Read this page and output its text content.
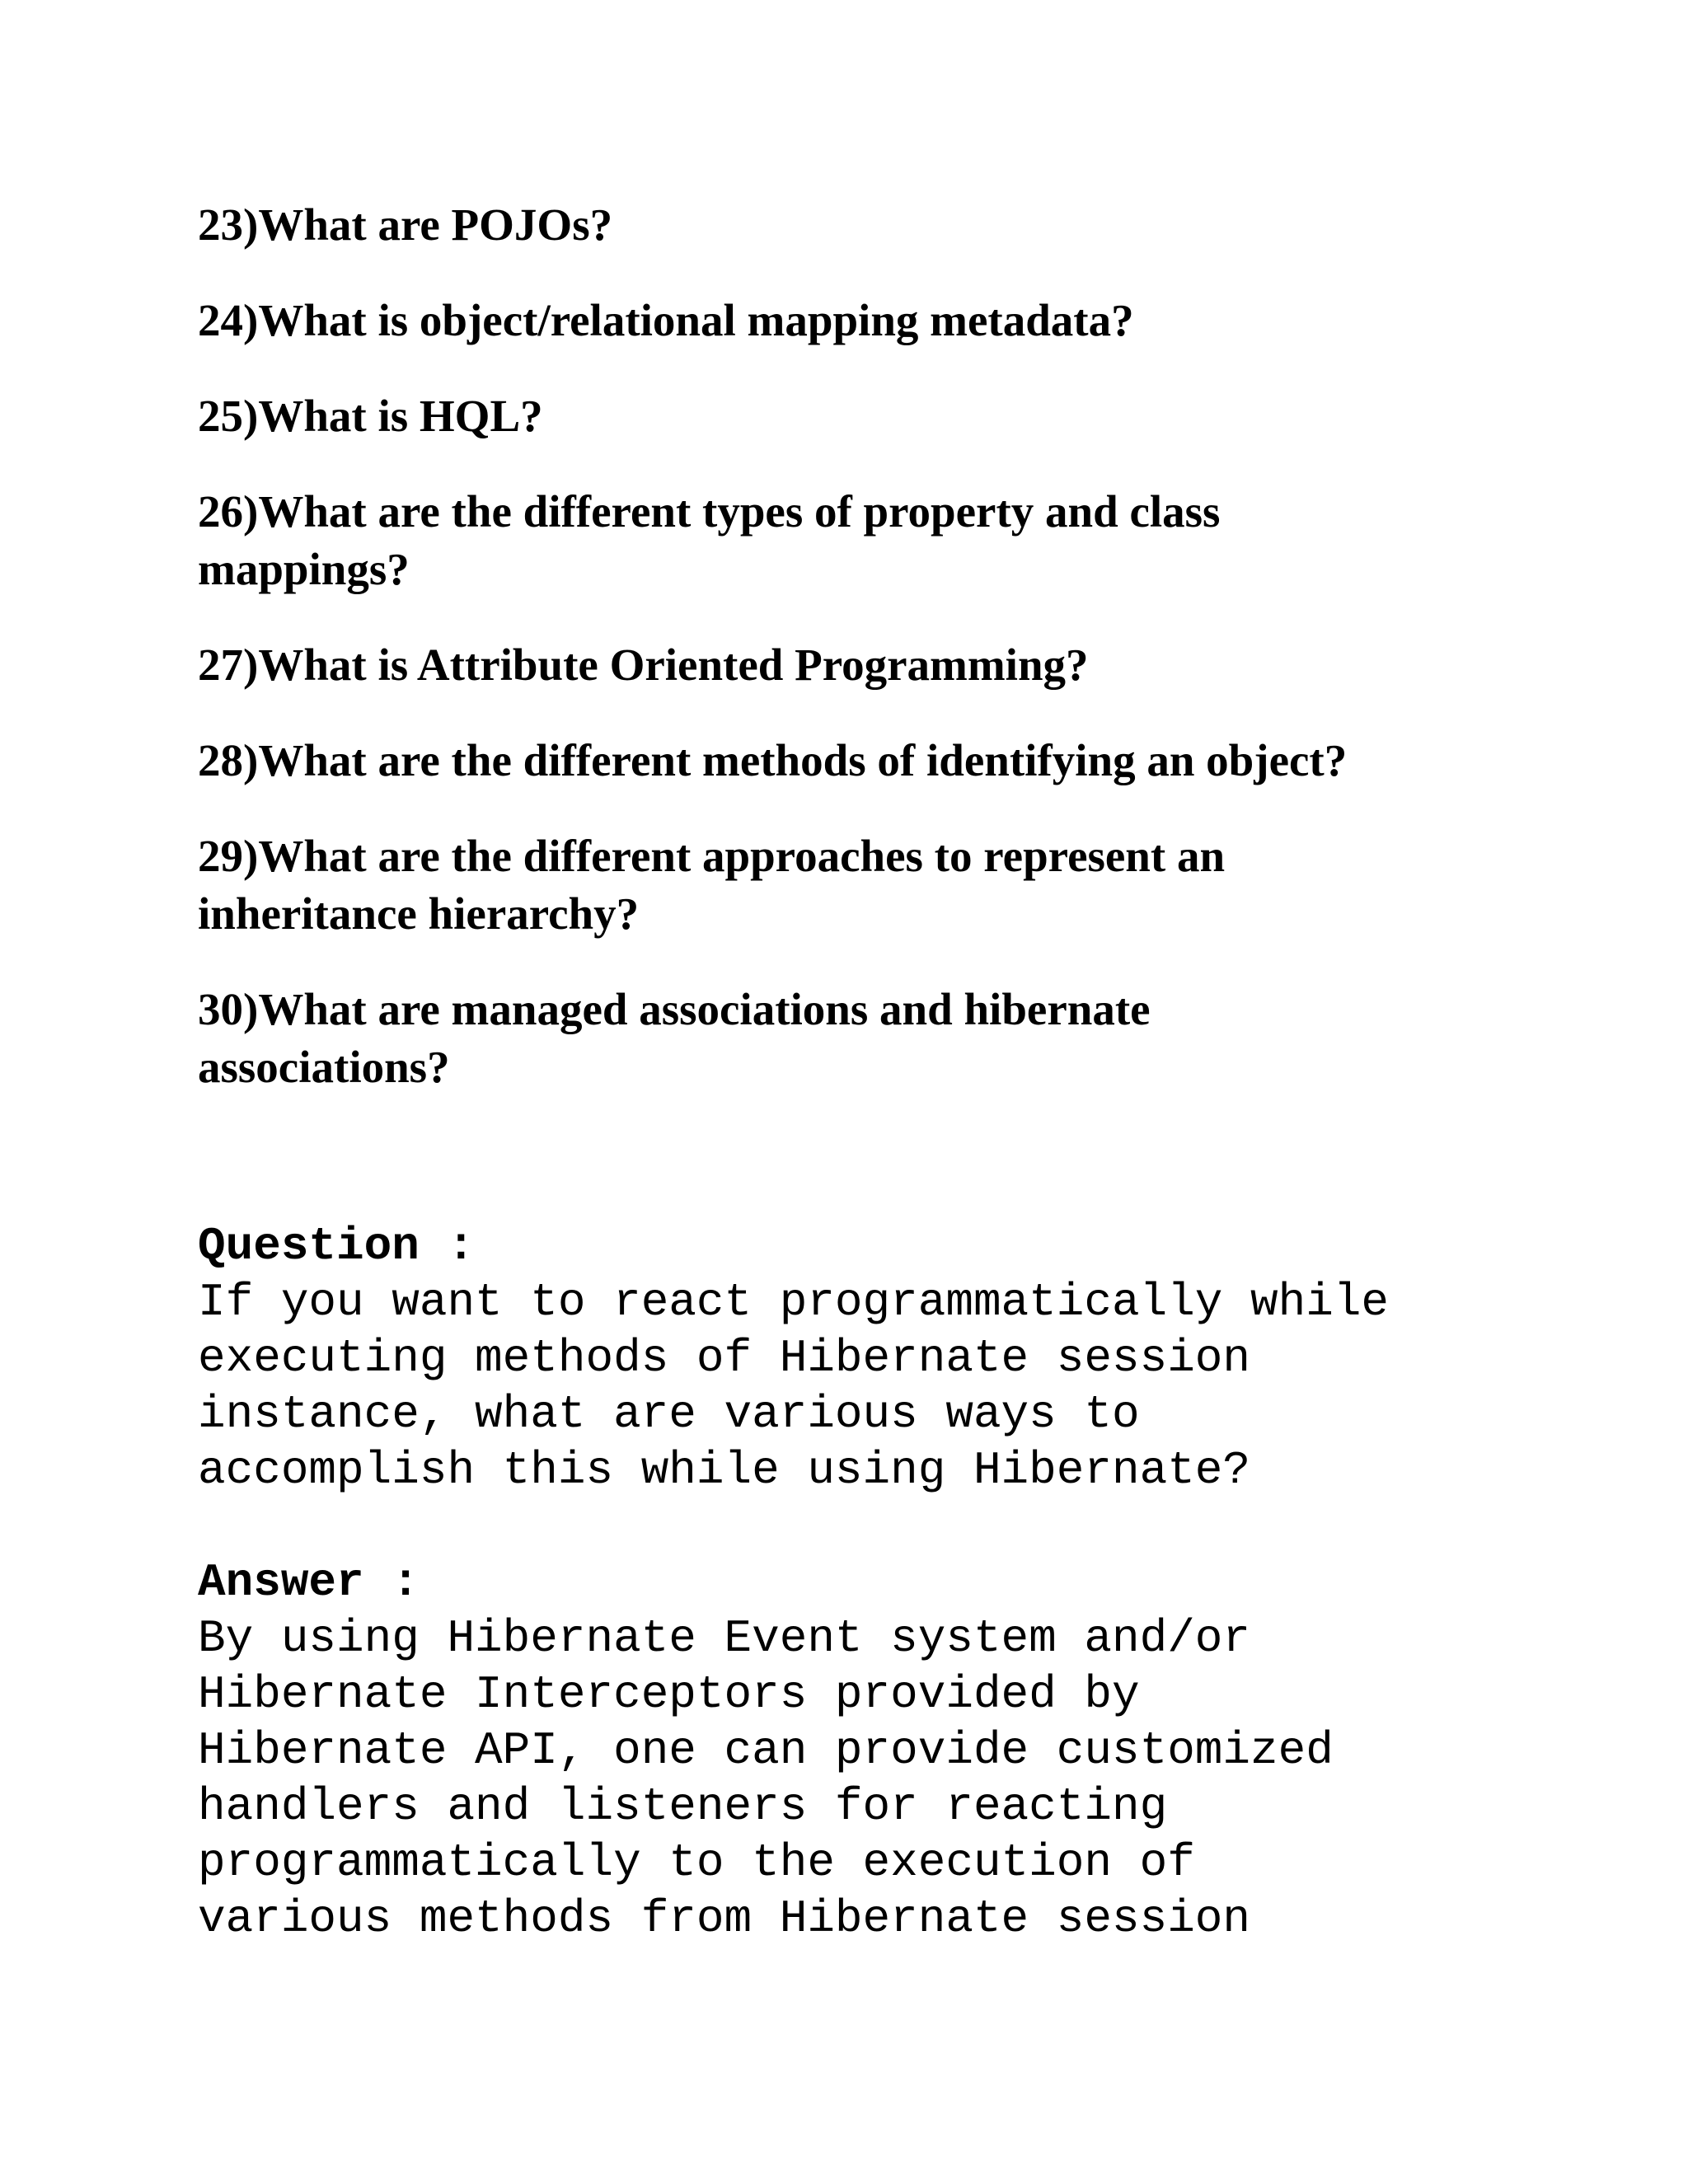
23)What are POJOs?
24)What is object/relational mapping metadata?
25)What is HQL?
26)What are the different types of property and class
mappings?
27)What is Attribute Oriented Programming?
28)What are the different methods of identifying an object?
29)What are the different approaches to represent an
inheritance hierarchy?
30)What are managed associations and hibernate
associations?

Question :

If you want to react programmatically while
executing methods of Hibernate session
instance, what are various ways to
accomplish this while using Hibernate?

Answer :

By using Hibernate Event system and/or
Hibernate Interceptors provided by
Hibernate API, one can provide customized
handlers and listeners for reacting
programmatically to the execution of
various methods from Hibernate session
